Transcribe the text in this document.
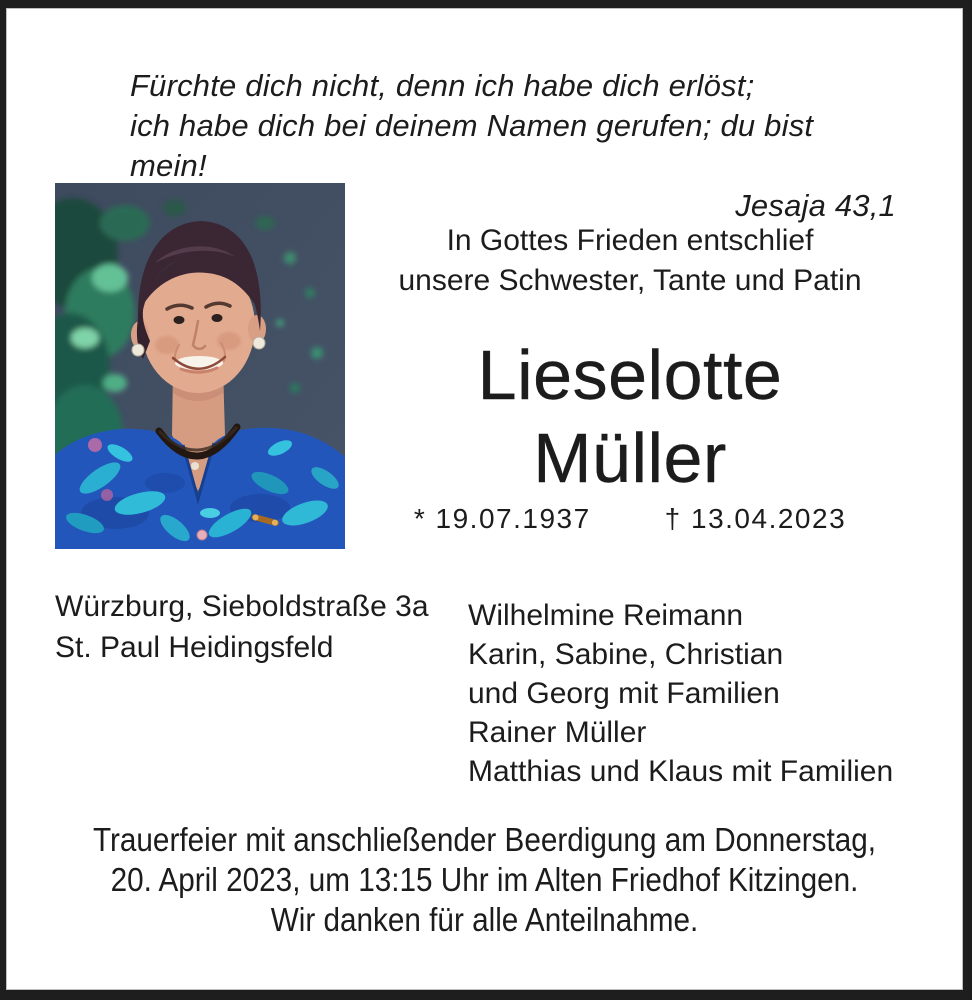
Fürchte dich nicht, denn ich habe dich erlöst;

ich habe dich bei deinem Namen gerufen; du bist mein!

Jesaja 43,1

In Gottes Frieden entschlief

unsere Schwester, Tante und Patin

Lieselotte

Müller

* 19.07.1937	† 13.04.2023

Würzburg, Sieboldstraße 3a

St. Paul Heidingsfeld

Wilhelmine Reimann

Karin, Sabine, Christian

und Georg mit Familien

Rainer Müller

Matthias und Klaus mit Familien

Trauerfeier mit anschließender Beerdigung am Donnerstag,

20. April 2023, um 13:15 Uhr im Alten Friedhof Kitzingen.

Wir danken für alle Anteilnahme.
